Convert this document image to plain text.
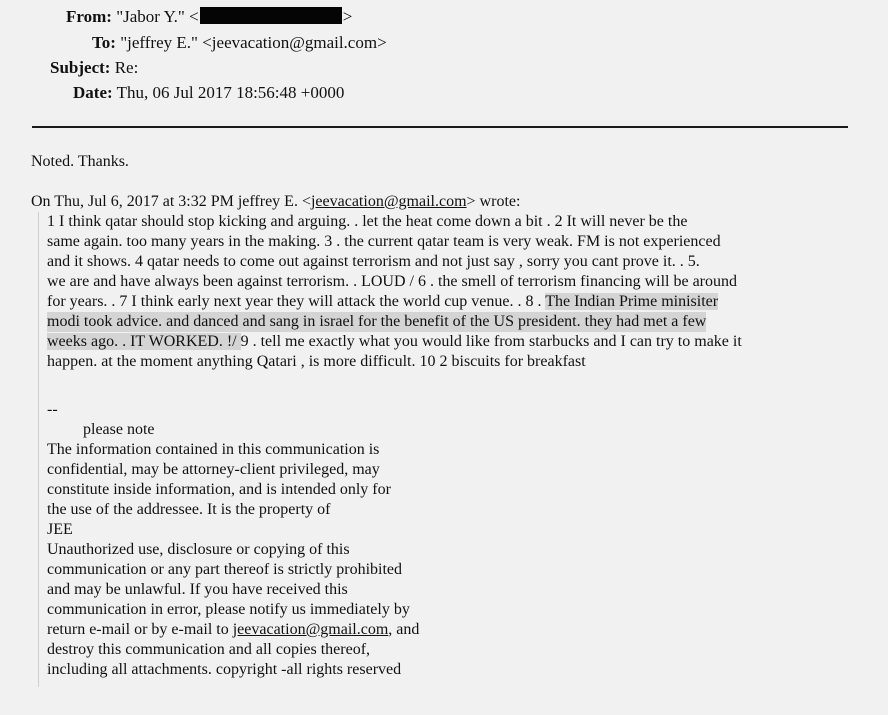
From: "Jabor Y." <	>
To: "jeffrey E." <jeevacation@gmail.com>
Subject: Re:
Date: Thu, 06 Jul 2017 18:56:48 +0000
Noted. Thanks.
On Thu, Jul 6, 2017 at 3:32 PM jeffrey E. <jeevacation@gmail.com> wrote:
1 I think qatar should stop kicking and arguing. . let the heat come down a bit . 2 It will never be the
same again. too many years in the making. 3 . the current qatar team is very weak. FM is not experienced
and it shows. 4 qatar needs to come out against terrorism and not just say , sorry you cant prove it. . 5.
we are and have always been against terrorism. . LOUD / 6 . the smell of terrorism financing will be around
for years. . 7 I think early next year they will attack the world cup venue. . 8 . The Indian Prime minisiter
modi took advice. and danced and sang in israel for the benefit of the US president. they had met a few
weeks ago. . IT WORKED. !/ 9 . tell me exactly what you would like from starbucks and I can try to make it
happen. at the moment anything Qatari , is more difficult. 10 2 biscuits for breakfast
--
please note
The information contained in this communication is
confidential, may be attorney-client privileged, may
constitute inside information, and is intended only for
the use of the addressee. It is the property of
JEE
Unauthorized use, disclosure or copying of this
communication or any part thereof is strictly prohibited
and may be unlawful. If you have received this
communication in error, please notify us immediately by
return e-mail or by e-mail to jeevacation@gmail.com, and
destroy this communication and all copies thereof,
including all attachments. copyright -all rights reserved
